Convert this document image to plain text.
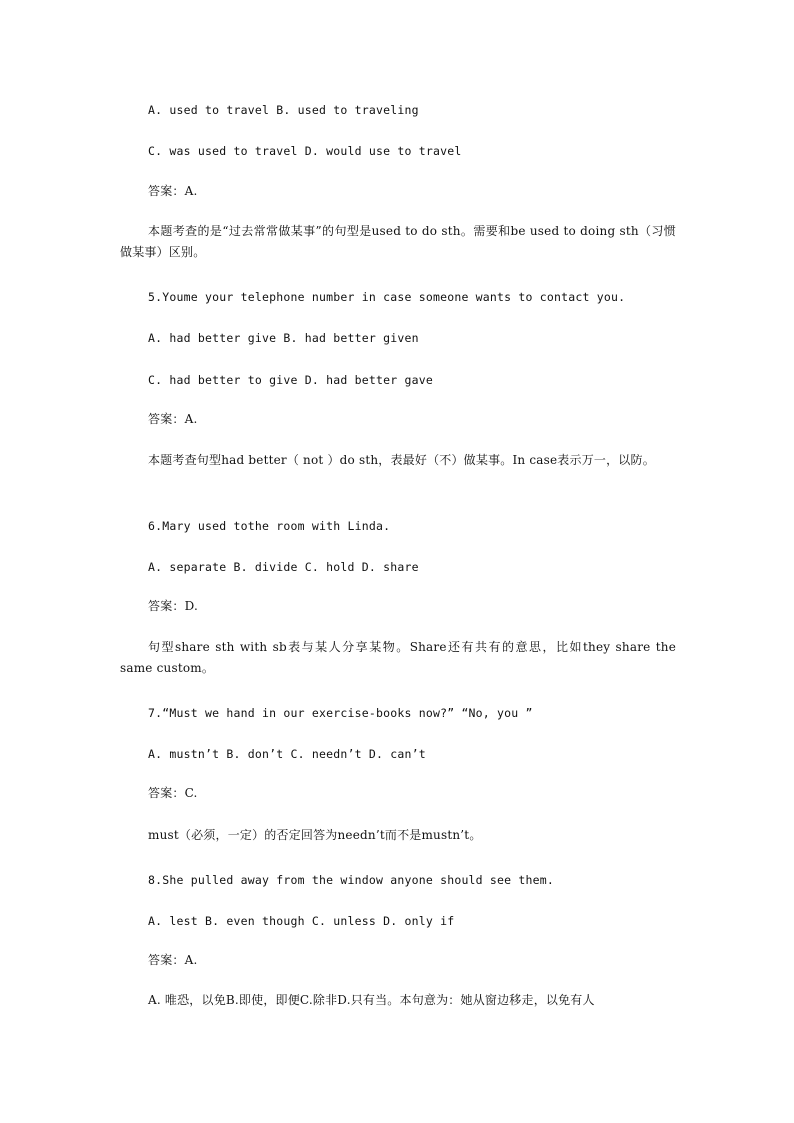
A. used to travel B. used to traveling
C. was used to travel D. would use to travel
答案：A.
本题考查的是“过去常常做某事”的句型是used to do sth。需要和be used to doing sth（习惯做某事）区别。
5.Youme your telephone number in case someone wants to contact you.
A. had better give B. had better given
C. had better to give D. had better gave
答案：A.
本题考查句型had better（ not ）do sth，表最好（不）做某事。In case表示万一，以防。
6.Mary used tothe room with Linda.
A. separate B. divide C. hold D. share
答案：D.
句型share sth with sb表与某人分享某物。Share还有共有的意思，比如they share the same custom。
7.“Must we hand in our exercise-books now?” “No, you ”
A. mustn’t B. don’t C. needn’t D. can’t
答案：C.
must（必须，一定）的否定回答为needn’t而不是mustn’t。
8.She pulled away from the window anyone should see them.
A. lest B. even though C. unless D. only if
答案：A.
A. 唯恐，以免B.即使，即便C.除非D.只有当。本句意为：她从窗边移走，以免有人
